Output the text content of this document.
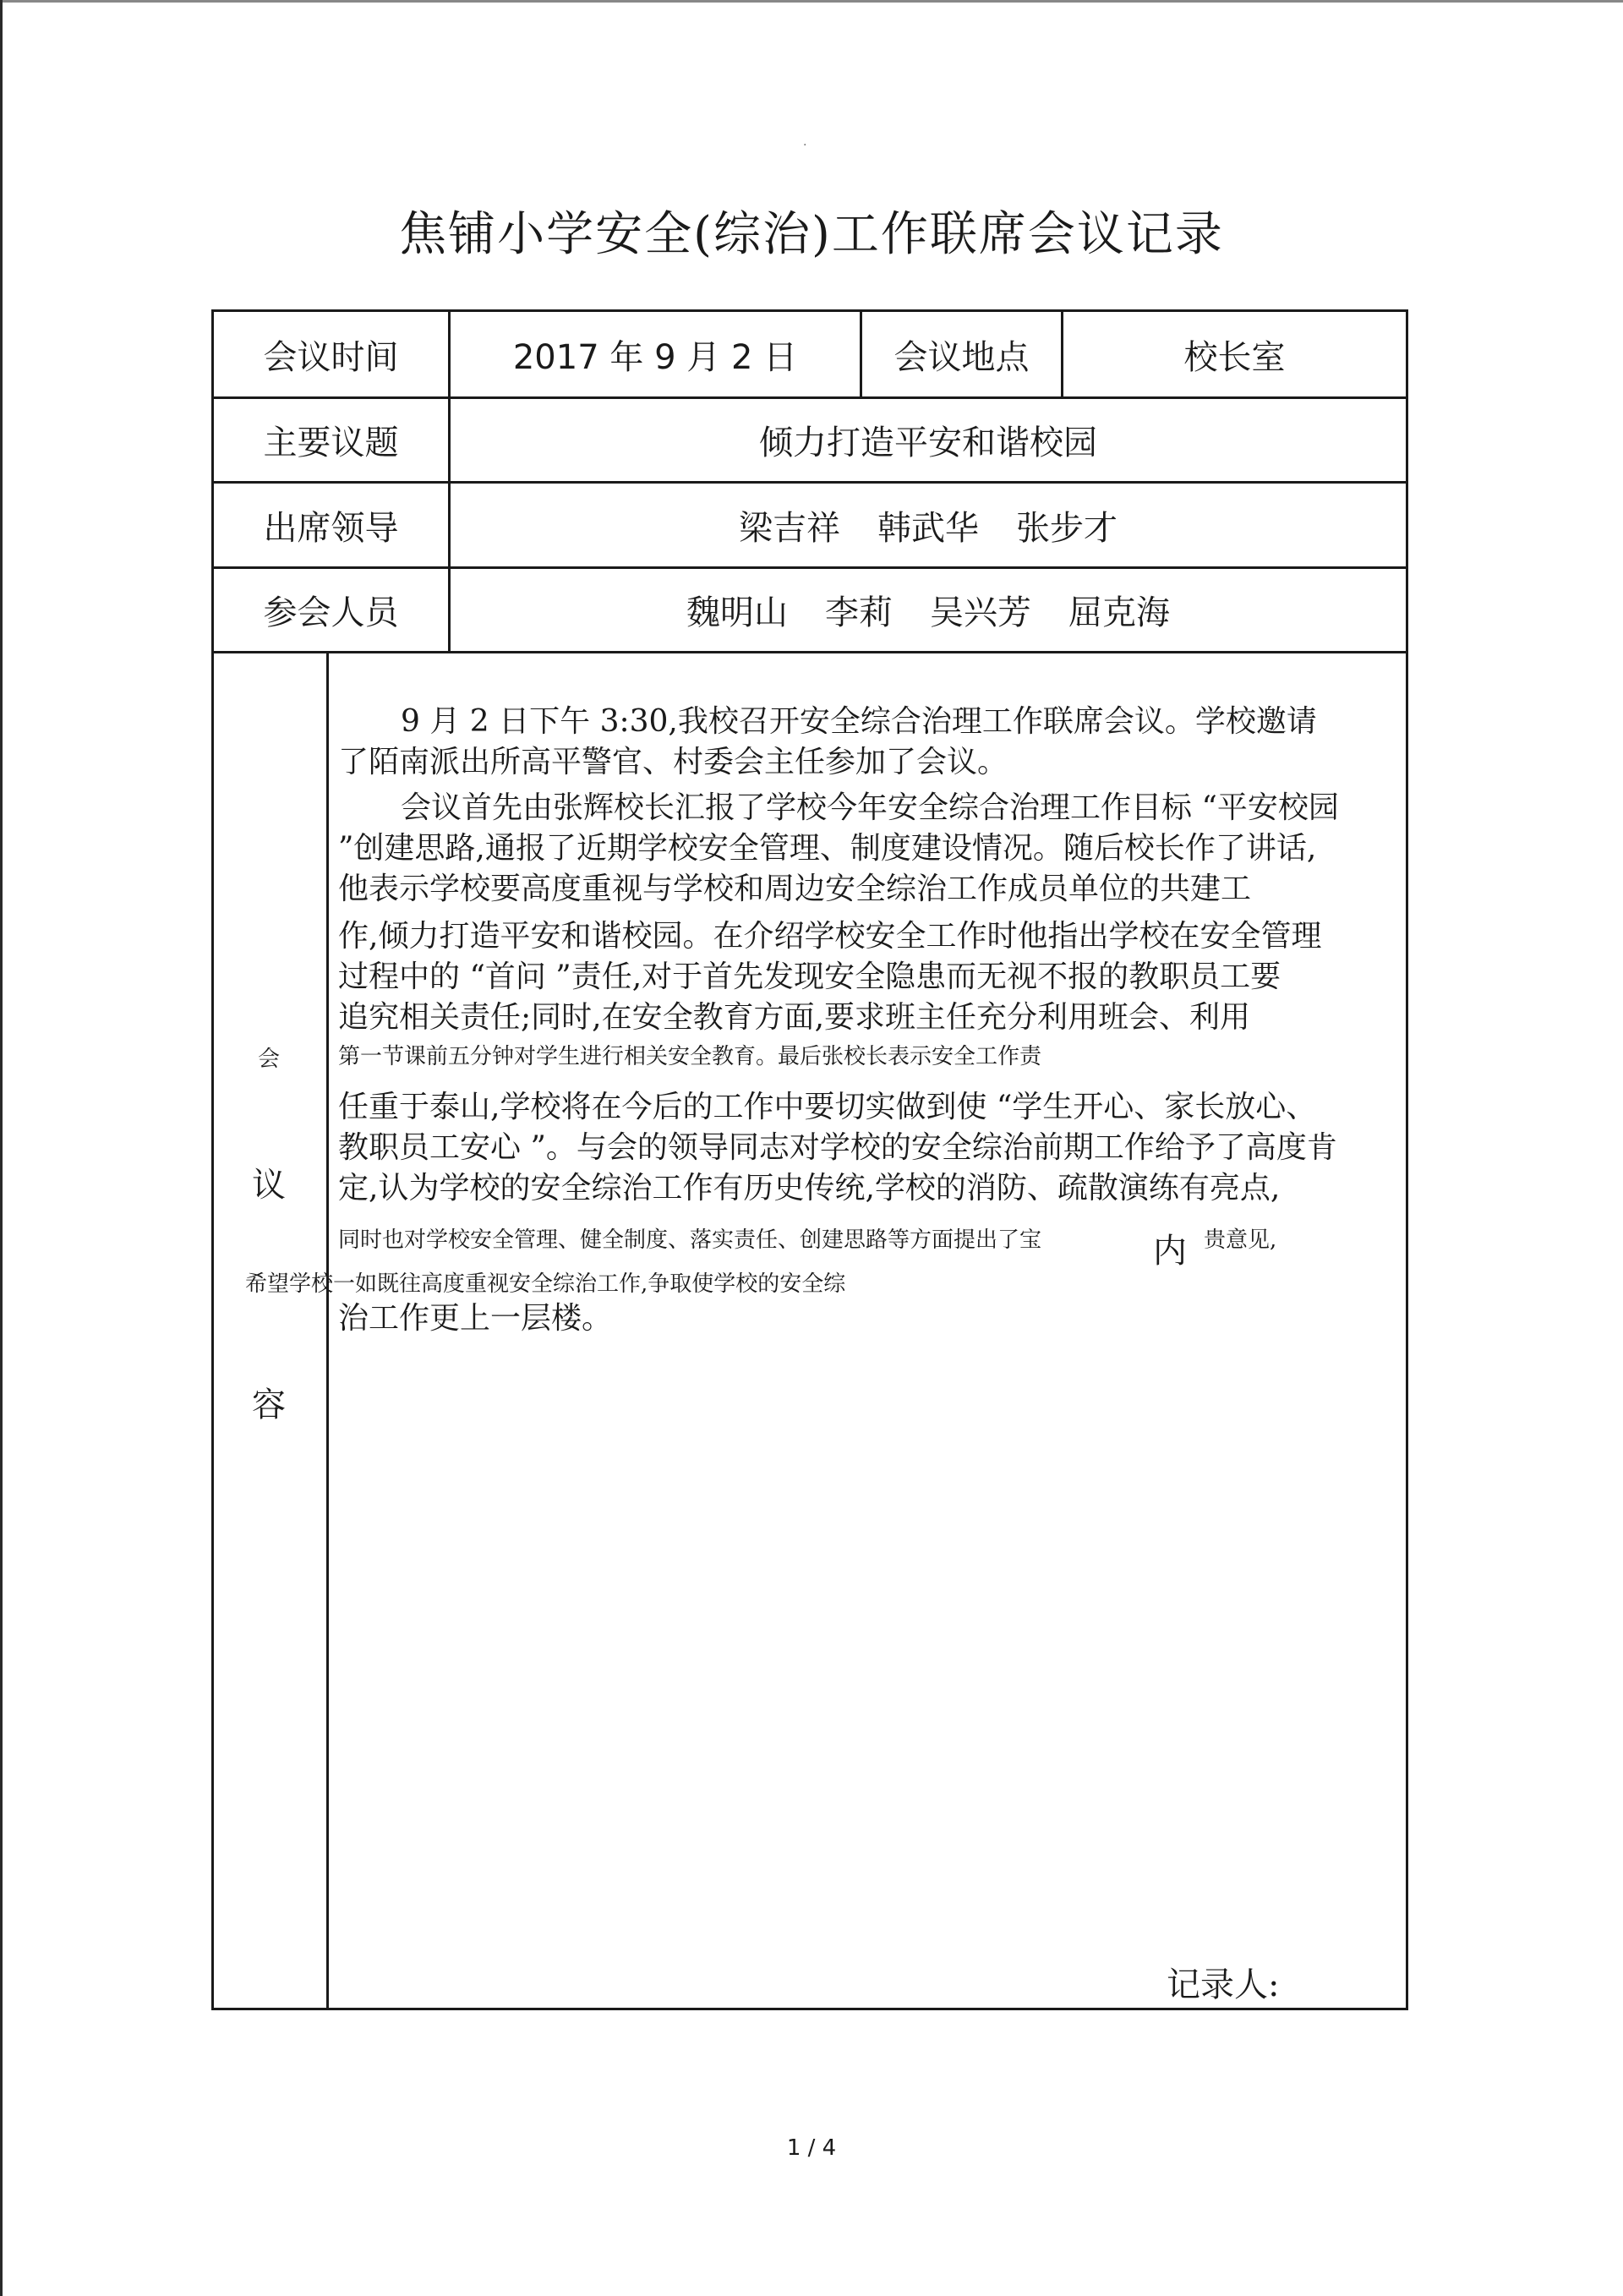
.
焦铺小学安全(综治)工作联席会议记录
会议时间	2017 年 9 月 2 日	会议地点	校长室
主要议题	倾力打造平安和谐校园
出席领导	梁吉祥 韩武华 张步才
参会人员	魏明山 李莉 吴兴芳 屈克海
会
议
容
9 月 2 日下午 3:30,我校召开安全综合治理工作联席会议。学校邀请
了陌南派出所高平警官、村委会主任参加了会议。
会议首先由张辉校长汇报了学校今年安全综合治理工作目标 “平安校园
”创建思路,通报了近期学校安全管理、制度建设情况。随后校长作了讲话,
他表示学校要高度重视与学校和周边安全综治工作成员单位的共建工
作,倾力打造平安和谐校园。在介绍学校安全工作时他指出学校在安全管理
过程中的 “首问 ”责任,对于首先发现安全隐患而无视不报的教职员工要
追究相关责任;同时,在安全教育方面,要求班主任充分利用班会、利用
第一节课前五分钟对学生进行相关安全教育。最后张校长表示安全工作责
任重于泰山,学校将在今后的工作中要切实做到使 “学生开心、家长放心、
教职员工安心 ”。与会的领导同志对学校的安全综治前期工作给予了高度肯
定,认为学校的安全综治工作有历史传统,学校的消防、疏散演练有亮点,
同时也对学校安全管理、健全制度、落实责任、创建思路等方面提出了宝	内 贵意见,
希望学校一如既往高度重视安全综治工作,争取使学校的安全综
治工作更上一层楼。
记录人:
1 / 4
